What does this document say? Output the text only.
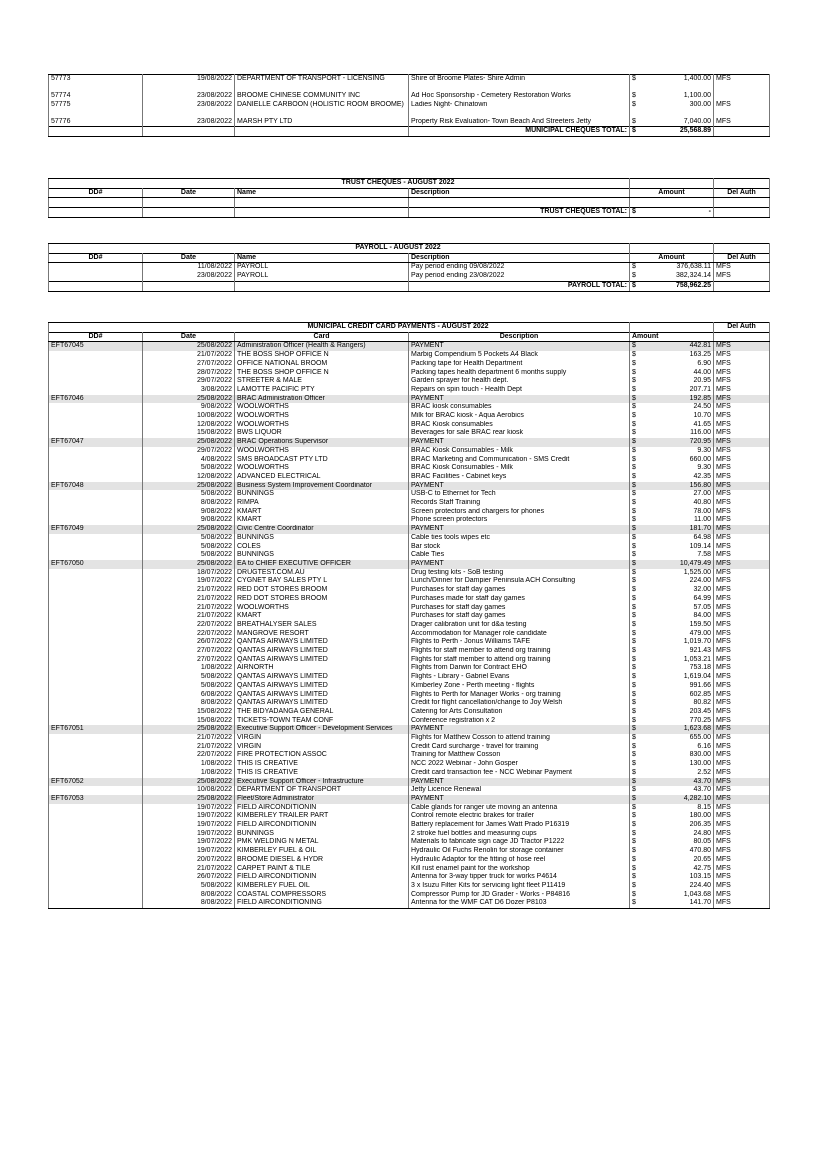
57773	19/08/2022	DEPARTMENT OF TRANSPORT - LICENSING	Shire of Broome Plates- Shire Admin	$ 1,400.00	MFS
57774	23/08/2022	BROOME CHINESE COMMUNITY INC	Ad Hoc Sponsorship - Cemetery Restoration Works	$ 1,100.00	

57775	23/08/2022	DANIELLE CARBOON (HOLISTIC ROOM BROOME)	Ladies Night- Chinatown	$ 300.00	MFS
57776	23/08/2022	MARSH PTY LTD	Property Risk Evaluation- Town Beach And Streeters Jetty	$ 7,040.00	MFS
			MUNICIPAL CHEQUES TOTAL:	$ 25,568.89	

TRUST CHEQUES - AUGUST 2022					
DD#	Date	Name	Description	Amount	Del Auth

			TRUST CHEQUES TOTAL:	$ -	

PAYROLL - AUGUST 2022					
DD#	Date	Name	Description	Amount	Del Auth
	11/08/2022	PAYROLL	Pay period ending 09/08/2022	$ 376,638.11	MFS
	23/08/2022	PAYROLL	Pay period ending 23/08/2022	$ 382,324.14	MFS
			PAYROLL TOTAL:	$ 758,962.25	

MUNICIPAL CREDIT CARD PAYMENTS - AUGUST 2022					Del Auth
DD#	Date	Card	Description	Amount	
EFT67045	25/08/2022	Administration Officer (Health & Rangers)	PAYMENT	$ 442.81	MFS
	21/07/2022	THE BOSS SHOP OFFICE N	Marbig Compendium 5 Pockets A4 Black	$ 163.25	MFS
	27/07/2022	OFFICE NATIONAL BROOM	Packing tape for Health Department	$ 6.90	MFS
	28/07/2022	THE BOSS SHOP OFFICE N	Packing tapes health department 6 months supply	$ 44.00	MFS
	29/07/2022	STREETER & MALE	Garden sprayer for health dept.	$ 20.95	MFS
	3/08/2022	LAMOTTE PACIFIC PTY	Repairs on spin touch - Health Dept	$ 207.71	MFS
EFT67046	25/08/2022	BRAC Administration Officer	PAYMENT	$ 192.85	MFS
	9/08/2022	WOOLWORTHS	BRAC kiosk consumables	$ 24.50	MFS
	10/08/2022	WOOLWORTHS	Milk for BRAC kiosk - Aqua Aerobics	$ 10.70	MFS
	12/08/2022	WOOLWORTHS	BRAC Kiosk consumables	$ 41.65	MFS
	15/08/2022	BWS LIQUOR	Beverages for sale BRAC rear kiosk	$ 116.00	MFS
EFT67047	25/08/2022	BRAC Operations Supervisor	PAYMENT	$ 720.95	MFS
	29/07/2022	WOOLWORTHS	BRAC Kiosk Consumables - Milk	$ 9.30	MFS
	4/08/2022	SMS BROADCAST PTY LTD	BRAC Marketing and Communication - SMS Credit	$ 660.00	MFS
	5/08/2022	WOOLWORTHS	BRAC Kiosk Consumables - Milk	$ 9.30	MFS
	12/08/2022	ADVANCED ELECTRICAL	BRAC Facilities - Cabinet keys	$ 42.35	MFS
EFT67048	25/08/2022	Business System Improvement Coordinator	PAYMENT	$ 156.80	MFS
	5/08/2022	BUNNINGS	USB-C to Ethernet for Tech	$ 27.00	MFS
	8/08/2022	RIMPA	Records Staff Training	$ 40.80	MFS
	9/08/2022	KMART	Screen protectors and chargers for phones	$ 78.00	MFS
	9/08/2022	KMART	Phone screen protectors	$ 11.00	MFS
EFT67049	25/08/2022	Civic Centre Coordinator	PAYMENT	$ 181.70	MFS
	5/08/2022	BUNNINGS	Cable ties tools wipes etc	$ 64.98	MFS
	5/08/2022	COLES	Bar stock	$ 109.14	MFS
	5/08/2022	BUNNINGS	Cable Ties	$ 7.58	MFS
EFT67050	25/08/2022	EA to CHIEF EXECUTIVE OFFICER	PAYMENT	$ 10,479.49	MFS
	18/07/2022	DRUGTEST.COM.AU	Drug testing kits - SoB testing	$ 1,525.00	MFS
	19/07/2022	CYGNET BAY SALES PTY L	Lunch/Dinner for Dampier Peninsula ACH Consulting	$ 224.00	MFS
	21/07/2022	RED DOT STORES BROOM	Purchases for staff day games	$ 32.00	MFS
	21/07/2022	RED DOT STORES BROOM	Purchases made for staff day games	$ 64.99	MFS
	21/07/2022	WOOLWORTHS	Purchases for staff day games	$ 57.05	MFS
	21/07/2022	KMART	Purchases for staff day games	$ 84.00	MFS
	22/07/2022	BREATHALYSER SALES	Drager calibration unit for d&a testing	$ 159.50	MFS
	22/07/2022	MANGROVE RESORT	Accommodation for Manager role candidate	$ 479.00	MFS
	26/07/2022	QANTAS AIRWAYS LIMITED	Flights to Perth - Jonus Williams TAFE	$ 1,019.70	MFS
	27/07/2022	QANTAS AIRWAYS LIMITED	Flights for staff member to attend org training	$ 921.43	MFS
	27/07/2022	QANTAS AIRWAYS LIMITED	Flights for staff member to attend org training	$ 1,053.21	MFS
	1/08/2022	AIRNORTH	Flights from Darwin for Contract EHO	$ 753.18	MFS
	5/08/2022	QANTAS AIRWAYS LIMITED	Flights - Library - Gabriel Evans	$ 1,619.04	MFS
	5/08/2022	QANTAS AIRWAYS LIMITED	Kimberley Zone - Perth meeting - flights	$ 991.66	MFS
	6/08/2022	QANTAS AIRWAYS LIMITED	Flights to Perth for Manager Works - org training	$ 602.85	MFS
	8/08/2022	QANTAS AIRWAYS LIMITED	Credit for flight cancellation/change to Joy Welsh	$ 80.82	MFS
	15/08/2022	THE BIDYADANGA GENERAL	Catering for Arts Consultation	$ 203.45	MFS
	15/08/2022	TICKETS-TOWN TEAM CONF	Conference registration x 2	$ 770.25	MFS
EFT67051	25/08/2022	Executive Support Officer - Development Services	PAYMENT	$ 1,623.68	MFS
	21/07/2022	VIRGIN	Flights for Matthew Cosson to attend training	$ 655.00	MFS
	21/07/2022	VIRGIN	Credit Card surcharge - travel for training	$ 6.16	MFS
	22/07/2022	FIRE PROTECTION ASSOC	Training for Matthew Cosson	$ 830.00	MFS
	1/08/2022	THIS IS CREATIVE	NCC 2022 Webinar - John Gosper	$ 130.00	MFS
	1/08/2022	THIS IS CREATIVE	Credit card transaction fee - NCC Webinar Payment	$ 2.52	MFS
EFT67052	25/08/2022	Executive Support Officer - Infrastructure	PAYMENT	$ 43.70	MFS
	10/08/2022	DEPARTMENT OF TRANSPORT	Jetty Licence Renewal	$ 43.70	MFS
EFT67053	25/08/2022	Fleet/Store Administrator	PAYMENT	$ 4,282.10	MFS
	19/07/2022	FIELD AIRCONDITIONIN	Cable glands for ranger ute moving an antenna	$ 8.15	MFS
	19/07/2022	KIMBERLEY TRAILER PART	Control remote electric brakes for trailer	$ 180.00	MFS
	19/07/2022	FIELD AIRCONDITIONIN	Battery replacement for James Watt Prado P16319	$ 206.35	MFS
	19/07/2022	BUNNINGS	2 stroke fuel bottles and measuring cups	$ 24.80	MFS
	19/07/2022	PMK WELDING N METAL	Materials to fabricate sign cage JD Tractor P1222	$ 80.05	MFS
	19/07/2022	KIMBERLEY FUEL & OIL	Hydraulic Oil Fuchs Renolin for storage container	$ 470.80	MFS
	20/07/2022	BROOME DIESEL & HYDR	Hydraulic Adaptor for the fitting of hose reel	$ 20.65	MFS
	21/07/2022	CARPET PAINT & TILE	Kill rust enamel paint for the workshop	$ 42.75	MFS
	26/07/2022	FIELD AIRCONDITIONIN	Antenna for 3-way tipper truck for works P4614	$ 103.15	MFS
	5/08/2022	KIMBERLEY FUEL OIL	3 x Isuzu Filter Kits for servicing light fleet P11419	$ 224.40	MFS
	8/08/2022	COASTAL COMPRESSORS	Compressor Pump for JD Grader - Works - P84816	$ 1,043.68	MFS
	8/08/2022	FIELD AIRCONDITIONING	Antenna for the WMF CAT D6 Dozer P8103	$ 141.70	MFS
